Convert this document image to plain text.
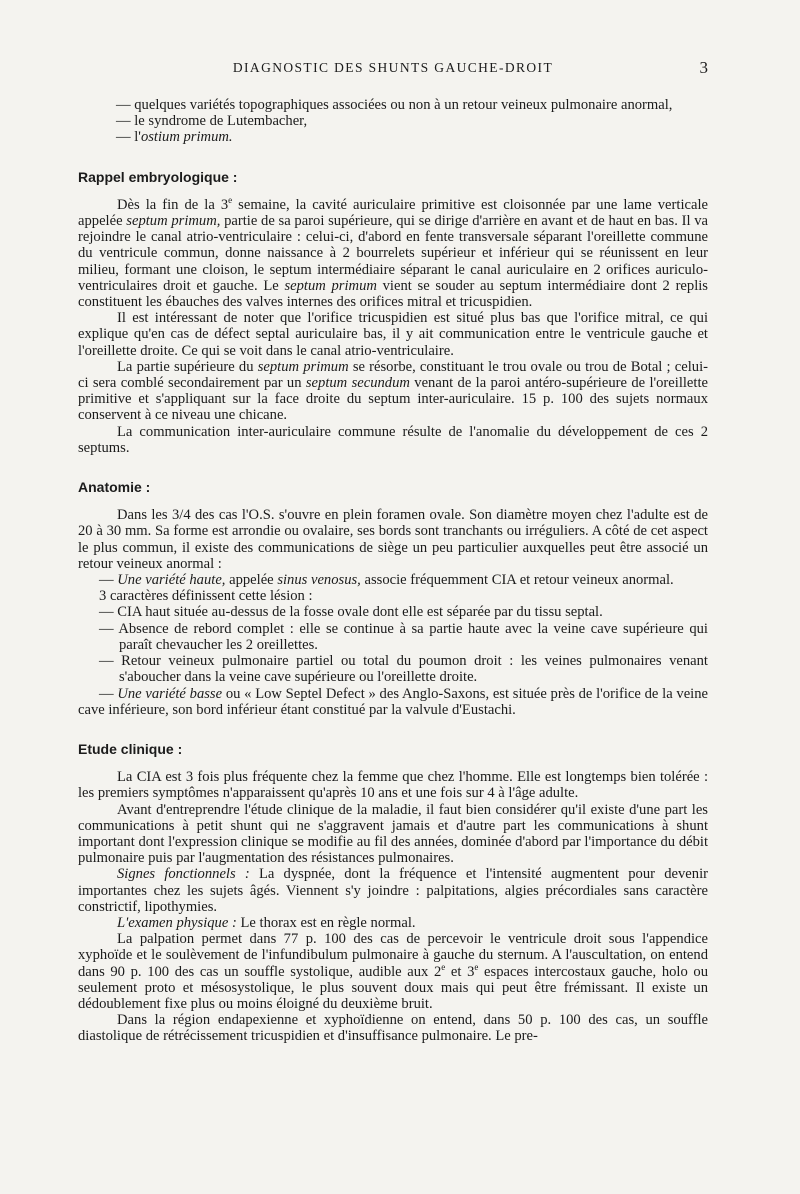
DIAGNOSTIC DES SHUNTS GAUCHE-DROIT	3

— quelques variétés topographiques associées ou non à un retour veineux pulmonaire anormal,

— le syndrome de Lutembacher,

— l'ostium primum.

Rappel embryologique :

Dès la fin de la 3e semaine, la cavité auriculaire primitive est cloisonnée par une lame verticale appelée septum primum, partie de sa paroi supérieure, qui se dirige d'arrière en avant et de haut en bas. Il va rejoindre le canal atrio-ventriculaire : celui-ci, d'abord en fente transversale séparant l'oreillette commune du ventricule commun, donne naissance à 2 bourrelets supérieur et inférieur qui se réunissent en leur milieu, formant une cloison, le septum intermédiaire séparant le canal auriculaire en 2 orifices auriculo-ventriculaires droit et gauche. Le septum primum vient se souder au septum intermédiaire dont 2 replis constituent les ébauches des valves internes des orifices mitral et tricuspidien.

Il est intéressant de noter que l'orifice tricuspidien est situé plus bas que l'orifice mitral, ce qui explique qu'en cas de défect septal auriculaire bas, il y ait communication entre le ventricule gauche et l'oreillette droite. Ce qui se voit dans le canal atrio-ventriculaire.

La partie supérieure du septum primum se résorbe, constituant le trou ovale ou trou de Botal ; celui-ci sera comblé secondairement par un septum secundum venant de la paroi antéro-supérieure de l'oreillette primitive et s'appliquant sur la face droite du septum inter-auriculaire. 15 p. 100 des sujets normaux conservent à ce niveau une chicane.

La communication inter-auriculaire commune résulte de l'anomalie du développement de ces 2 septums.

Anatomie :

Dans les 3/4 des cas l'O.S. s'ouvre en plein foramen ovale. Son diamètre moyen chez l'adulte est de 20 à 30 mm. Sa forme est arrondie ou ovalaire, ses bords sont tranchants ou irréguliers. A côté de cet aspect le plus commun, il existe des communications de siège un peu particulier auxquelles peut être associé un retour veineux anormal :

— Une variété haute, appelée sinus venosus, associe fréquemment CIA et retour veineux anormal.

3 caractères définissent cette lésion :

— CIA haut située au-dessus de la fosse ovale dont elle est séparée par du tissu septal.

— Absence de rebord complet : elle se continue à sa partie haute avec la veine cave supérieure qui paraît chevaucher les 2 oreillettes.

— Retour veineux pulmonaire partiel ou total du poumon droit : les veines pulmonaires venant s'aboucher dans la veine cave supérieure ou l'oreillette droite.

— Une variété basse ou « Low Septel Defect » des Anglo-Saxons, est située près de l'orifice de la veine cave inférieure, son bord inférieur étant constitué par la valvule d'Eustachi.

Etude clinique :

La CIA est 3 fois plus fréquente chez la femme que chez l'homme. Elle est longtemps bien tolérée : les premiers symptômes n'apparaissent qu'après 10 ans et une fois sur 4 à l'âge adulte.

Avant d'entreprendre l'étude clinique de la maladie, il faut bien considérer qu'il existe d'une part les communications à petit shunt qui ne s'aggravent jamais et d'autre part les communications à shunt important dont l'expression clinique se modifie au fil des années, dominée d'abord par l'importance du débit pulmonaire puis par l'augmentation des résistances pulmonaires.

Signes fonctionnels : La dyspnée, dont la fréquence et l'intensité augmentent pour devenir importantes chez les sujets âgés. Viennent s'y joindre : palpitations, algies précordiales sans caractère constrictif, lipothymies.

L'examen physique : Le thorax est en règle normal.

La palpation permet dans 77 p. 100 des cas de percevoir le ventricule droit sous l'appendice xyphoïde et le soulèvement de l'infundibulum pulmonaire à gauche du sternum. A l'auscultation, on entend dans 90 p. 100 des cas un souffle systolique, audible aux 2e et 3e espaces intercostaux gauche, holo ou seulement proto et mésosystolique, le plus souvent doux mais qui peut être frémissant. Il existe un dédoublement fixe plus ou moins éloigné du deuxième bruit.

Dans la région endapexienne et xyphoïdienne on entend, dans 50 p. 100 des cas, un souffle diastolique de rétrécissement tricuspidien et d'insuffisance pulmonaire. Le pre-
